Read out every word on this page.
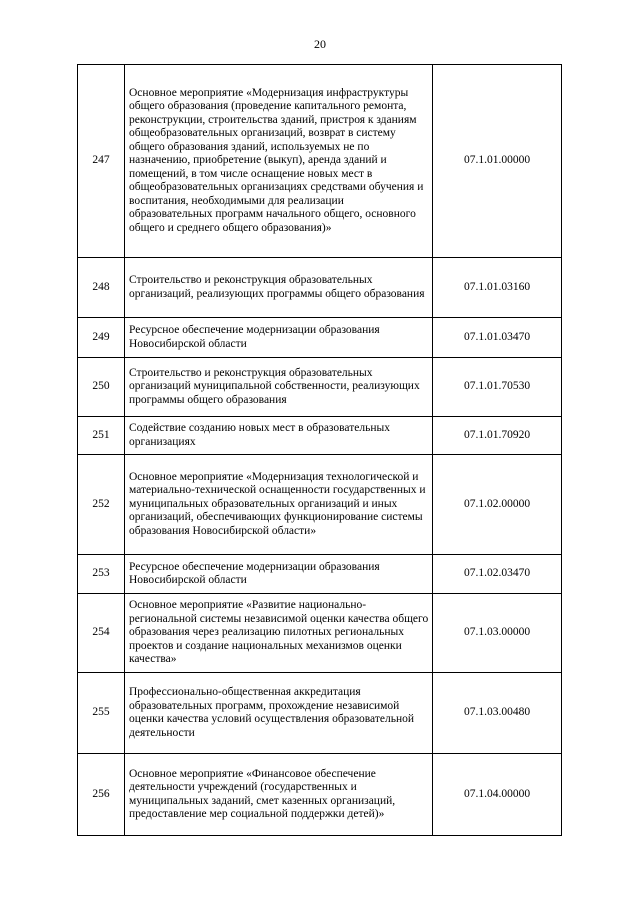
20
247	Основное мероприятие «Модернизация инфраструктуры общего образования (проведение капитального ремонта, реконструкции, строительства зданий, пристроя к зданиям общеобразовательных организаций, возврат в систему общего образования зданий, используемых не по назначению, приобретение (выкуп), аренда зданий и помещений, в том числе оснащение новых мест в общеобразовательных организациях средствами обучения и воспитания, необходимыми для реализации образовательных программ начального общего, основного общего и среднего общего образования)»	07.1.01.00000
248	Строительство и реконструкция образовательных организаций, реализующих программы общего образования	07.1.01.03160
249	Ресурсное обеспечение модернизации образования Новосибирской области	07.1.01.03470
250	Строительство и реконструкция образовательных организаций муниципальной собственности, реализующих программы общего образования	07.1.01.70530
251	Содействие созданию новых мест в образовательных организациях	07.1.01.70920
252	Основное мероприятие «Модернизация технологической и материально-технической оснащенности государственных и муниципальных образовательных организаций и иных организаций, обеспечивающих функционирование системы образования Новосибирской области»	07.1.02.00000
253	Ресурсное обеспечение модернизации образования Новосибирской области	07.1.02.03470
254	Основное мероприятие «Развитие национально-региональной системы независимой оценки качества общего образования через реализацию пилотных региональных проектов и создание национальных механизмов оценки качества»	07.1.03.00000
255	Профессионально-общественная аккредитация образовательных программ, прохождение независимой оценки качества условий осуществления образовательной деятельности	07.1.03.00480
256	Основное мероприятие «Финансовое обеспечение деятельности учреждений (государственных и муниципальных заданий, смет казенных организаций, предоставление мер социальной поддержки детей)»	07.1.04.00000
